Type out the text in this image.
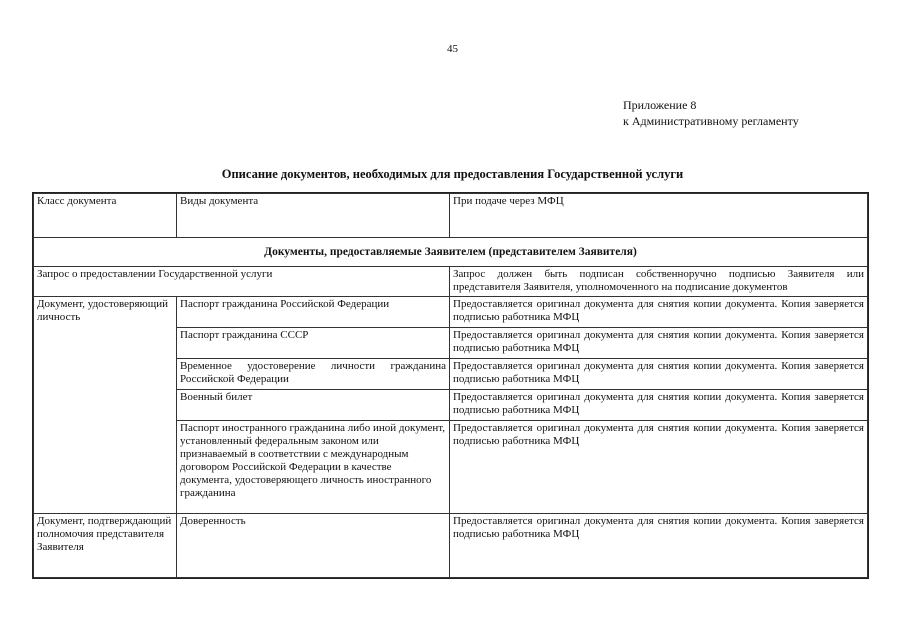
45
Приложение 8
к Административному регламенту
Описание документов, необходимых для предоставления Государственной услуги
Класс документа	Виды документа	При подаче через МФЦ
Документы, предоставляемые Заявителем (представителем Заявителя)		
Запрос о предоставлении Государственной услуги		Запрос должен быть подписан собственноручно подписью Заявителя или представителя Заявителя, уполномоченного на подписание документов
Документ, удостоверяющий личность	Паспорт гражданина Российской Федерации	Предоставляется оригинал документа для снятия копии документа. Копия заверяется подписью работника МФЦ
	Паспорт гражданина СССР	Предоставляется оригинал документа для снятия копии документа. Копия заверяется подписью работника МФЦ
	Временное удостоверение личности гражданина Российской Федерации	Предоставляется оригинал документа для снятия копии документа. Копия заверяется подписью работника МФЦ
	Военный билет	Предоставляется оригинал документа для снятия копии документа. Копия заверяется подписью работника МФЦ
	Паспорт иностранного гражданина либо иной документ, установленный федеральным законом или признаваемый в соответствии с международным договором Российской Федерации в качестве документа, удостоверяющего личность иностранного гражданина	Предоставляется оригинал документа для снятия копии документа. Копия заверяется подписью работника МФЦ
Документ, подтверждающий полномочия представителя Заявителя	Доверенность	Предоставляется оригинал документа для снятия копии документа. Копия заверяется подписью работника МФЦ
